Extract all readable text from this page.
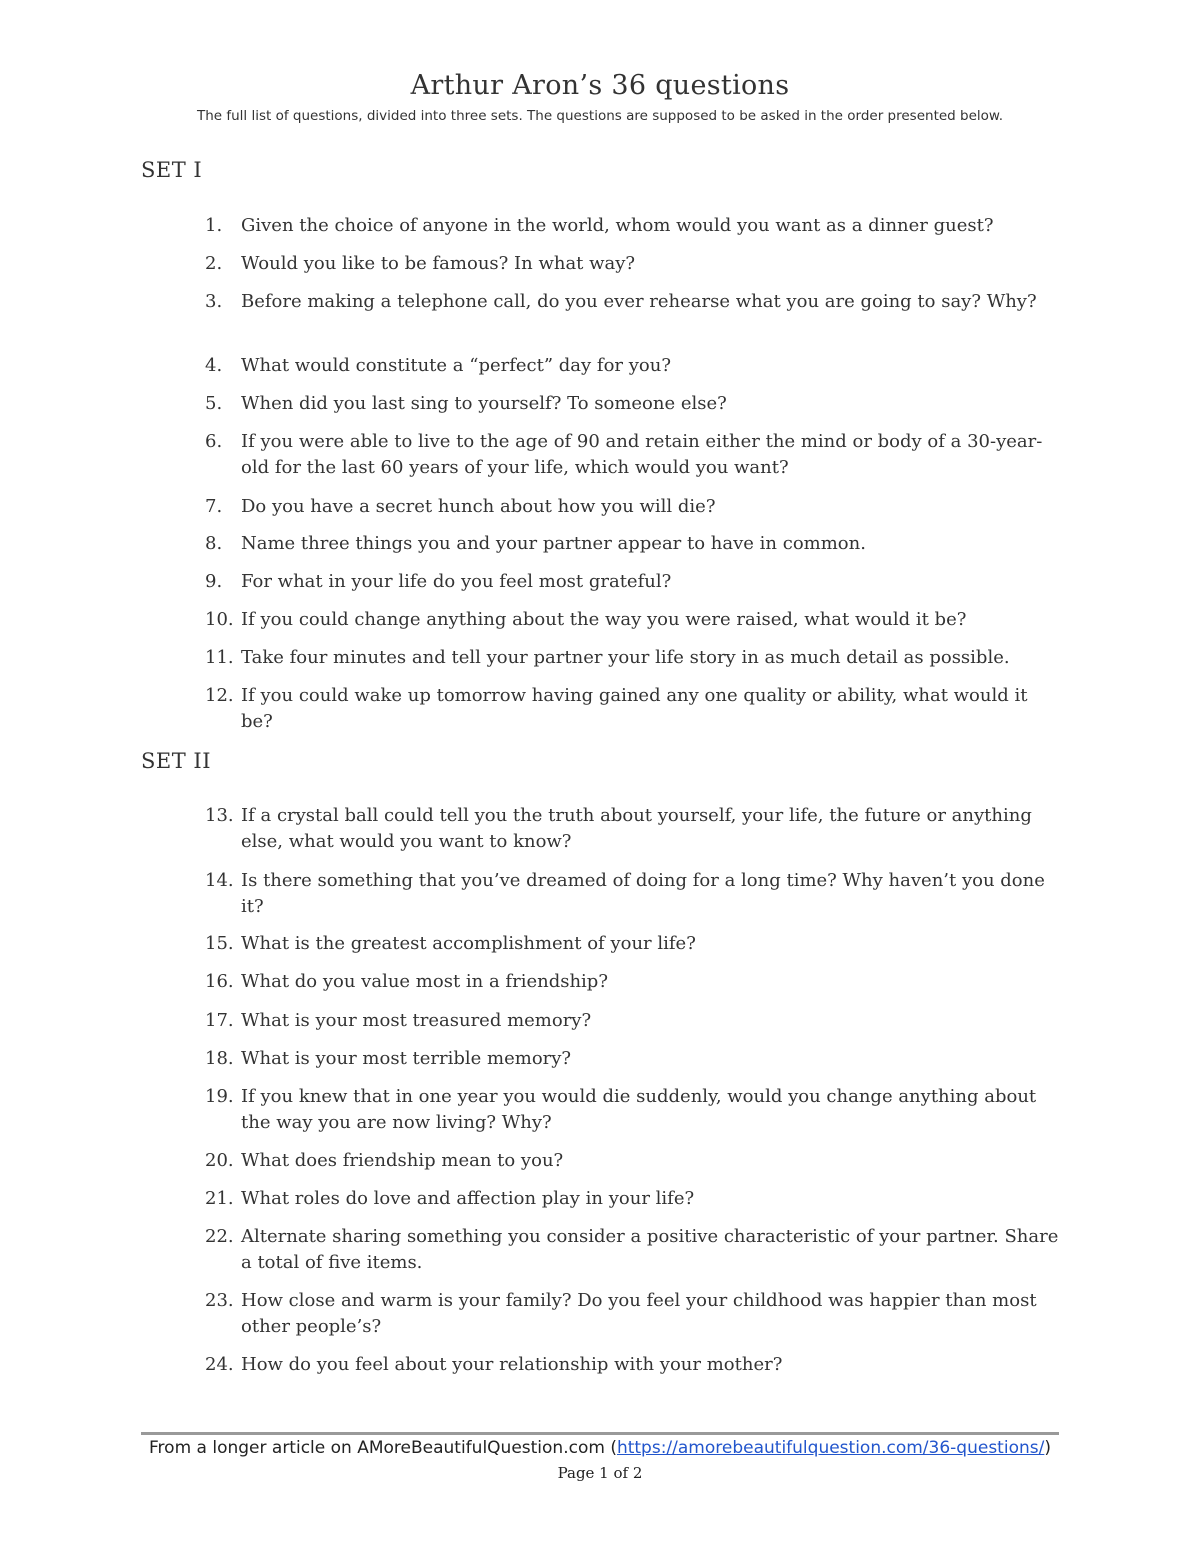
Arthur Aron’s 36 questions
The full list of questions, divided into three sets. The questions are supposed to be asked in the order presented below.
SET I
1.	Given the choice of anyone in the world, whom would you want as a dinner guest?
2.	Would you like to be famous? In what way?
3.	Before making a telephone call, do you ever rehearse what you are going to say? Why?
4.	What would constitute a “perfect” day for you?
5.	When did you last sing to yourself? To someone else?
6.	If you were able to live to the age of 90 and retain either the mind or body of a 30-year-old for the last 60 years of your life, which would you want?
7.	Do you have a secret hunch about how you will die?
8.	Name three things you and your partner appear to have in common.
9.	For what in your life do you feel most grateful?
10. If you could change anything about the way you were raised, what would it be?
11. Take four minutes and tell your partner your life story in as much detail as possible.
12. If you could wake up tomorrow having gained any one quality or ability, what would it be?
SET II
13. If a crystal ball could tell you the truth about yourself, your life, the future or anything else, what would you want to know?
14. Is there something that you’ve dreamed of doing for a long time? Why haven’t you done it?
15. What is the greatest accomplishment of your life?
16. What do you value most in a friendship?
17. What is your most treasured memory?
18. What is your most terrible memory?
19. If you knew that in one year you would die suddenly, would you change anything about the way you are now living? Why?
20. What does friendship mean to you?
21. What roles do love and affection play in your life?
22. Alternate sharing something you consider a positive characteristic of your partner. Share a total of five items.
23. How close and warm is your family? Do you feel your childhood was happier than most other people’s?
24. How do you feel about your relationship with your mother?
From a longer article on AMoreBeautifulQuestion.com (https://amorebeautifulquestion.com/36-questions/)
Page 1 of 2
